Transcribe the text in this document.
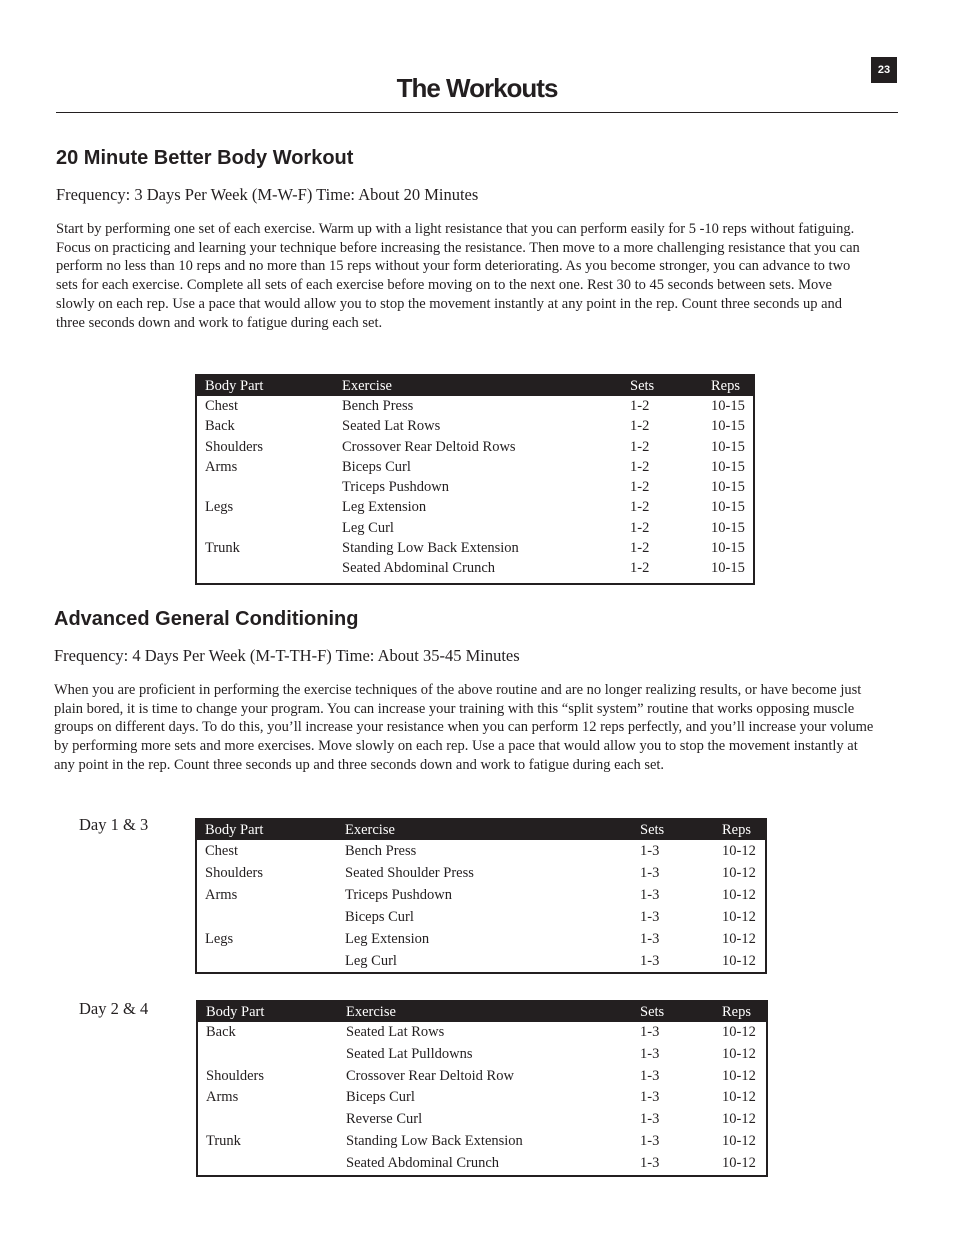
23
The Workouts
20 Minute Better Body Workout
Frequency: 3 Days Per Week (M-W-F) Time: About 20 Minutes

Start by performing one set of each exercise. Warm up with a light resistance that you can perform easily for 5 -10 reps without fatiguing. Focus on practicing and learning your technique before increasing the resistance. Then move to a more challenging resistance that you can perform no less than 10 reps and no more than 15 reps without your form deteriorating. As you become stronger, you can advance to two sets for each exercise. Complete all sets of each exercise before moving on to the next one. Rest 30 to 45 seconds between sets. Move slowly on each rep. Use a pace that would allow you to stop the movement instantly at any point in the rep. Count three seconds up and three seconds down and work to fatigue during each set.

Body Part	Exercise	Sets	Reps
Chest	Bench Press	1-2	10-15
Back	Seated Lat Rows	1-2	10-15
Shoulders	Crossover Rear Deltoid Rows	1-2	10-15
Arms	Biceps Curl	1-2	10-15
	Triceps Pushdown	1-2	10-15
Legs	Leg Extension	1-2	10-15
	Leg Curl	1-2	10-15
Trunk	Standing Low Back Extension	1-2	10-15
	Seated Abdominal Crunch	1-2	10-15

Advanced General Conditioning
Frequency: 4 Days Per Week (M-T-TH-F) Time: About 35-45 Minutes

When you are proficient in performing the exercise techniques of the above routine and are no longer realizing results, or have become just plain bored, it is time to change your program. You can increase your training with this “split system” routine that works opposing muscle groups on different days. To do this, you’ll increase your resistance when you can perform 12 reps perfectly, and you’ll increase your volume by performing more sets and more exercises. Move slowly on each rep. Use a pace that would allow you to stop the movement instantly at any point in the rep. Count three seconds up and three seconds down and work to fatigue during each set.

Day 1 & 3	Body Part	Exercise	Sets	Reps
Chest	Bench Press	1-3	10-12
Shoulders	Seated Shoulder Press	1-3	10-12
Arms	Triceps Pushdown	1-3	10-12
	Biceps Curl	1-3	10-12
Legs	Leg Extension	1-3	10-12
	Leg Curl	1-3	10-12
Day 2 & 4	Body Part	Exercise	Sets	Reps
Back	Seated Lat Rows	1-3	10-12
	Seated Lat Pulldowns	1-3	10-12
Shoulders	Crossover Rear Deltoid Row	1-3	10-12
Arms	Biceps Curl	1-3	10-12
	Reverse Curl	1-3	10-12
Trunk	Standing Low Back Extension	1-3	10-12
	Seated Abdominal Crunch	1-3	10-12
